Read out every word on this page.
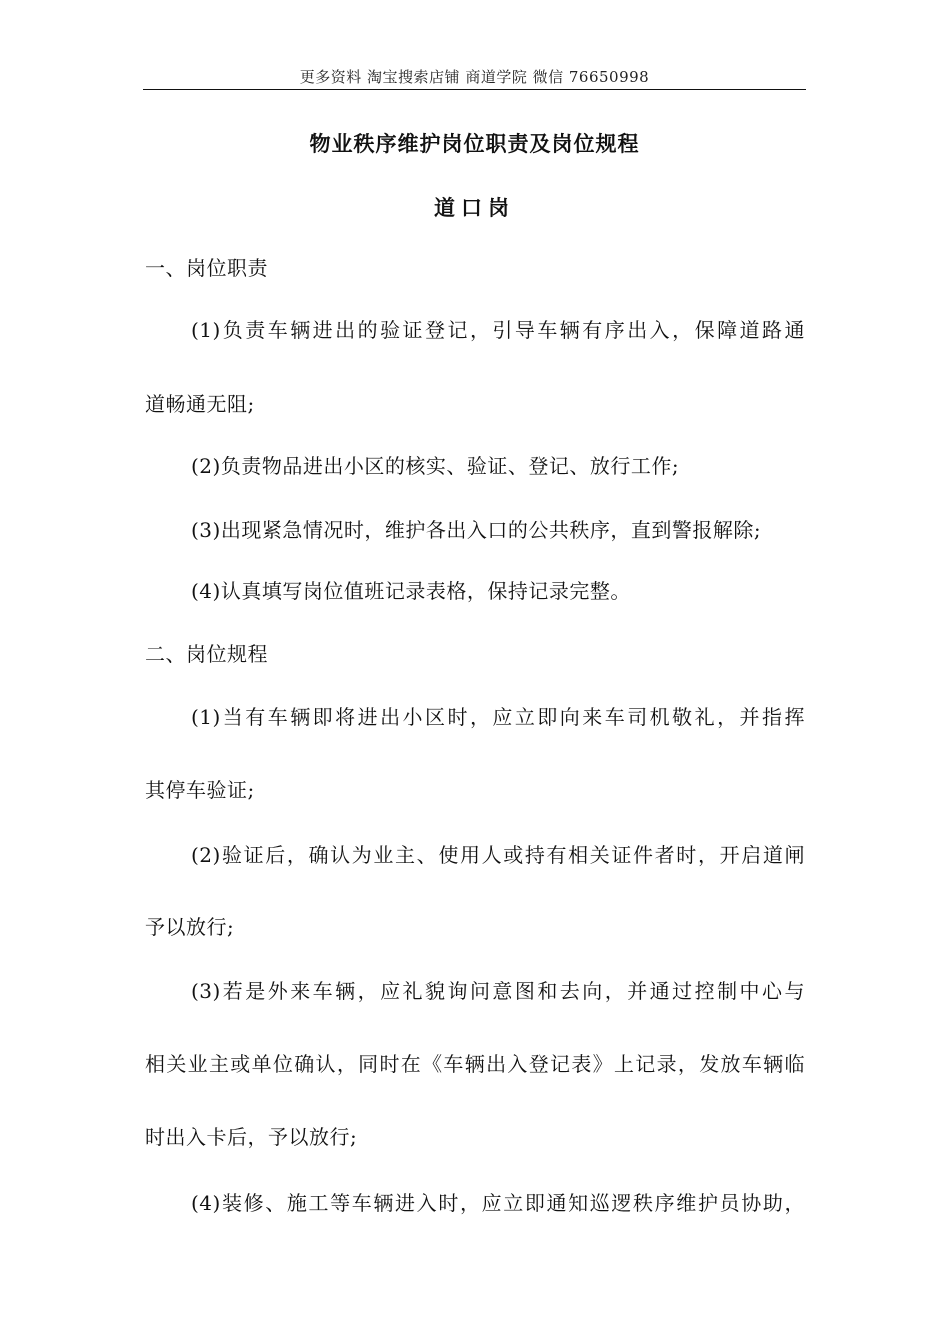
更多资料 淘宝搜索店铺 商道学院 微信 76650998
物业秩序维护岗位职责及岗位规程
道口岗
一、岗位职责
(1)负责车辆进出的验证登记，引导车辆有序出入，保障道路通
道畅通无阻;
(2)负责物品进出小区的核实、验证、登记、放行工作;
(3)出现紧急情况时，维护各出入口的公共秩序，直到警报解除;
(4)认真填写岗位值班记录表格，保持记录完整。
二、岗位规程
(1)当有车辆即将进出小区时，应立即向来车司机敬礼，并指挥
其停车验证;
(2)验证后，确认为业主、使用人或持有相关证件者时，开启道闸
予以放行;
(3)若是外来车辆，应礼貌询问意图和去向，并通过控制中心与
相关业主或单位确认，同时在《车辆出入登记表》上记录，发放车辆临
时出入卡后，予以放行;
(4)装修、施工等车辆进入时，应立即通知巡逻秩序维护员协助，
